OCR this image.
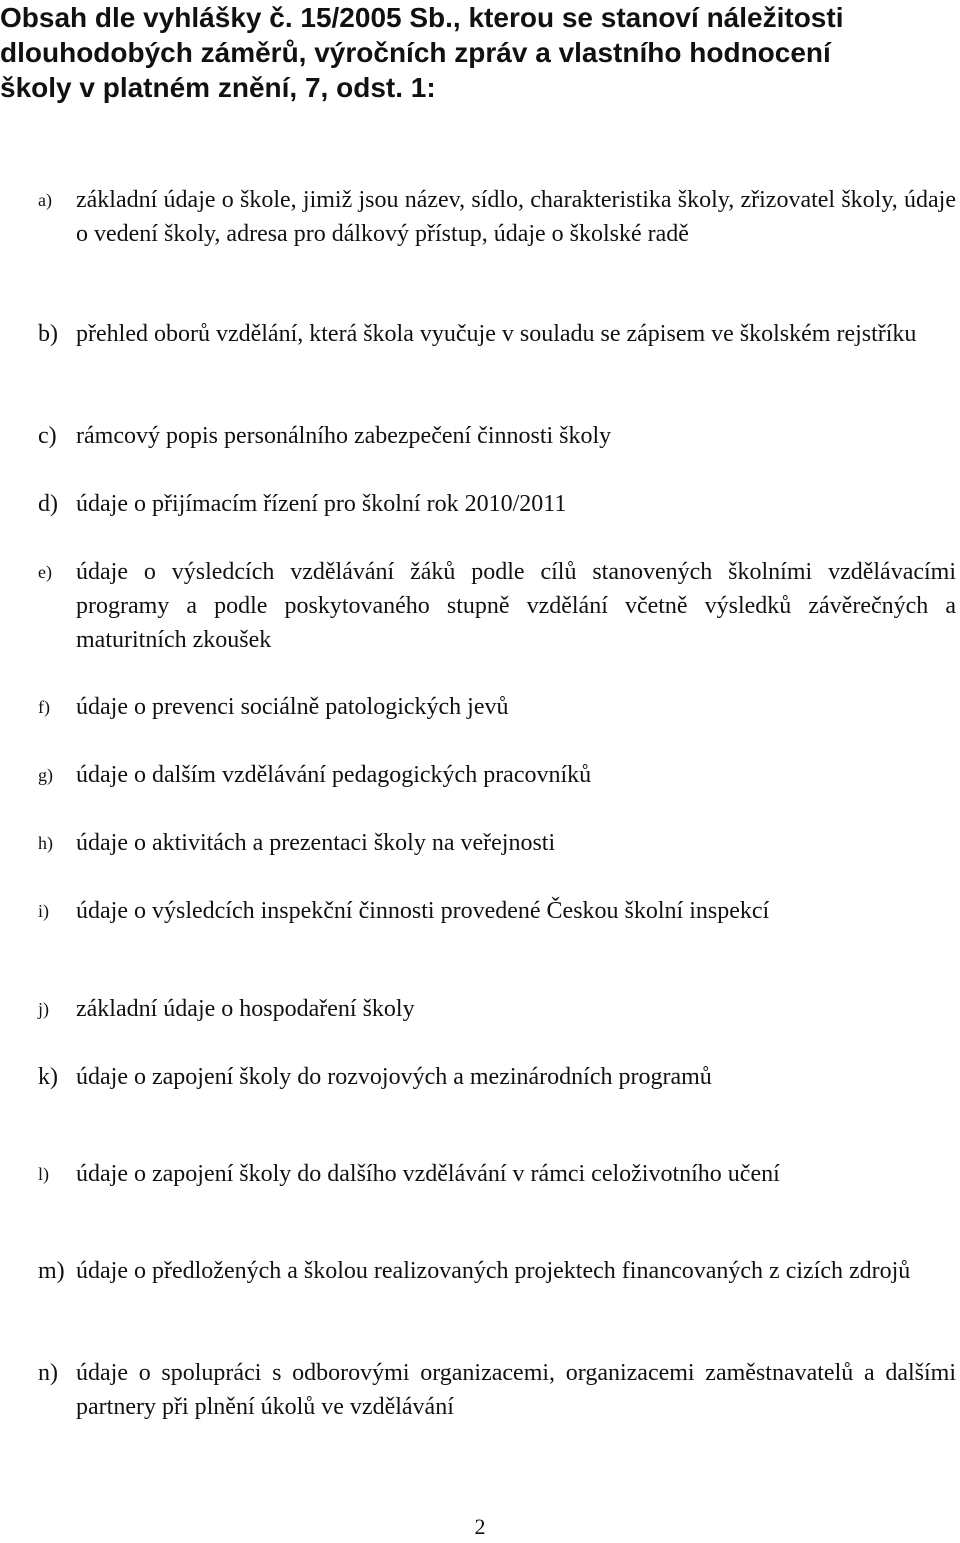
Obsah dle vyhlášky č. 15/2005 Sb., kterou se stanoví náležitosti
dlouhodobých záměrů, výročních zpráv a vlastního hodnocení
školy v platném znění, 7, odst. 1:
a)	základní údaje o škole, jimiž jsou název, sídlo, charakteristika školy, zřizovatel školy, údaje o vedení školy, adresa pro dálkový přístup, údaje o školské radě
b) přehled oborů vzdělání, která škola vyučuje v souladu se zápisem ve školském rejstříku
c) rámcový popis personálního zabezpečení činnosti školy
d) údaje o přijímacím řízení pro školní rok 2010/2011
e)	údaje o výsledcích vzdělávání žáků podle cílů stanovených školními vzdělávacími programy a podle poskytovaného stupně vzdělání včetně výsledků závěrečných a maturitních zkoušek
f)	údaje o prevenci sociálně patologických jevů
g) údaje o dalším vzdělávání pedagogických pracovníků
h) údaje o aktivitách a prezentaci školy na veřejnosti
i)	údaje o výsledcích inspekční činnosti provedené Českou školní inspekcí
j)	základní údaje o hospodaření školy
k) údaje o zapojení školy do rozvojových a mezinárodních programů
l)	údaje o zapojení školy do dalšího vzdělávání v rámci celoživotního učení
m) údaje o předložených a školou realizovaných projektech financovaných z cizích zdrojů
n) údaje o spolupráci s odborovými organizacemi, organizacemi zaměstnavatelů a dalšími partnery při plnění úkolů ve vzdělávání
2
